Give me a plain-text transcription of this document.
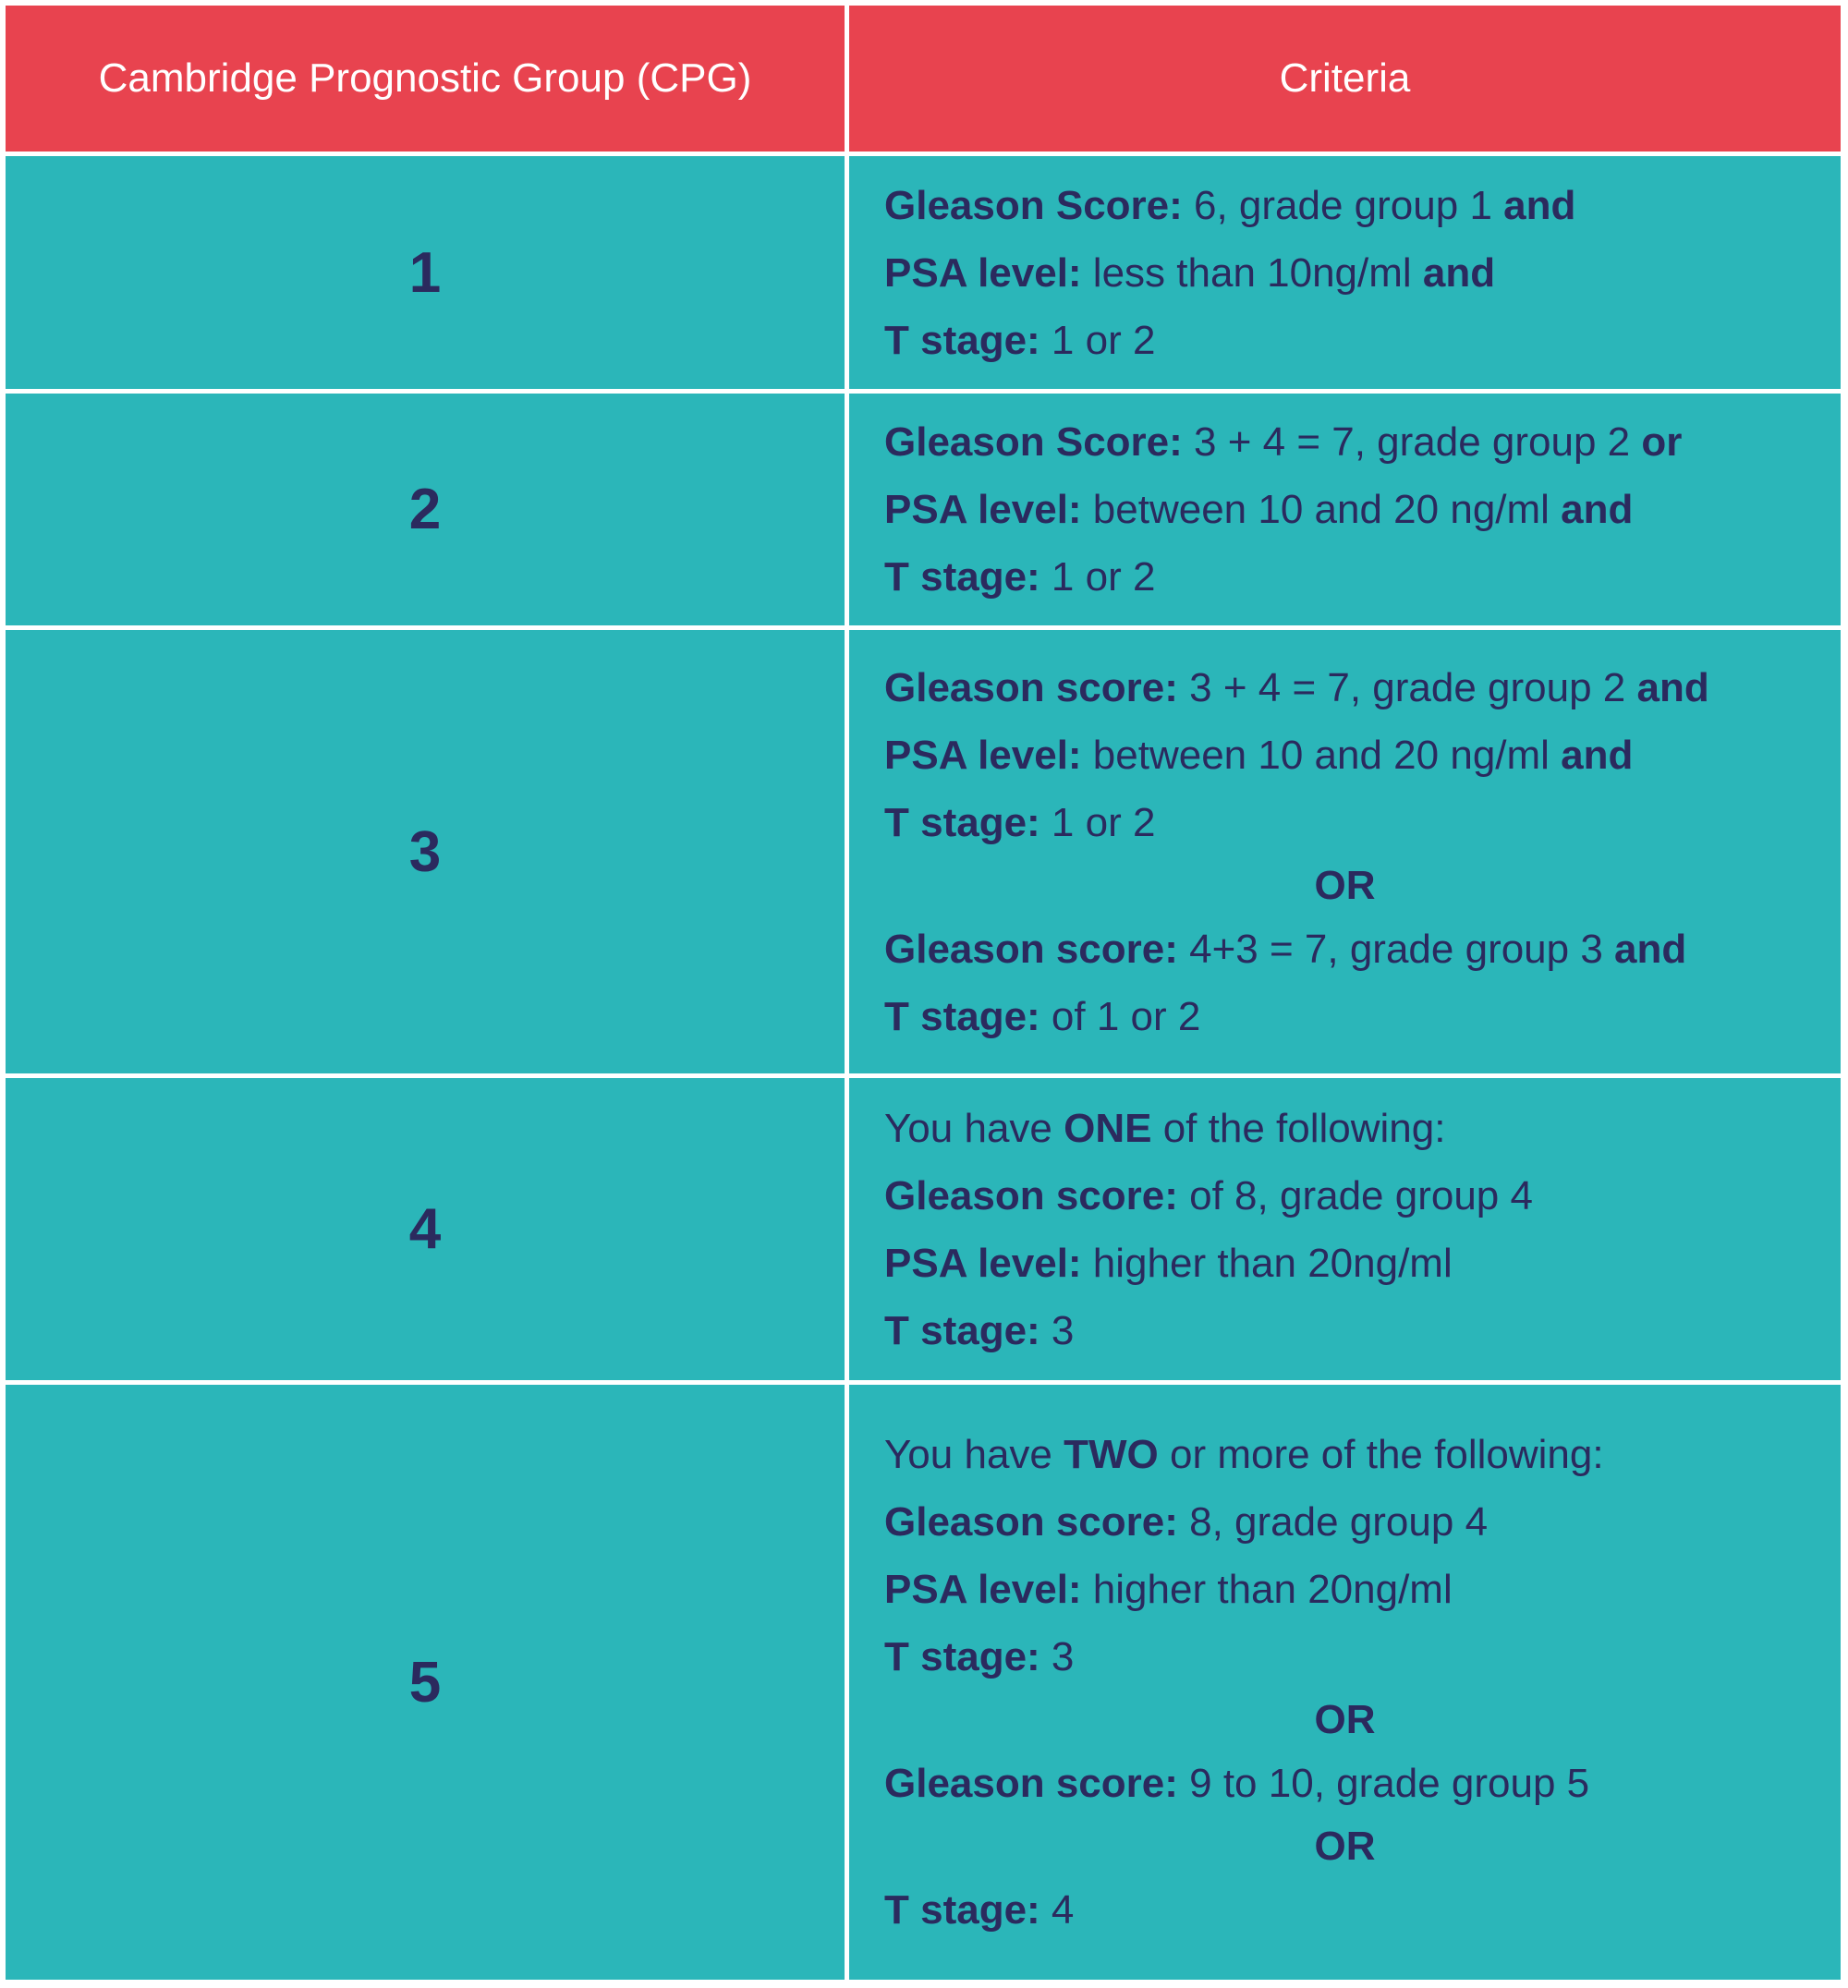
Cambridge Prognostic Group (CPG)	Criteria
1
Gleason Score: 6, grade group 1 and
PSA level: less than 10ng/ml and
T stage: 1 or 2
2
Gleason Score: 3 + 4 = 7, grade group 2 or
PSA level: between 10 and 20 ng/ml and
T stage: 1 or 2
3
Gleason score: 3 + 4 = 7, grade group 2 and
PSA level: between 10 and 20 ng/ml and
T stage: 1 or 2
OR
Gleason score: 4+3 = 7, grade group 3 and
T stage: of 1 or 2
4
You have ONE of the following:
Gleason score: of 8, grade group 4
PSA level: higher than 20ng/ml
T stage: 3
5
You have TWO or more of the following:
Gleason score: 8, grade group 4
PSA level: higher than 20ng/ml
T stage: 3
OR
Gleason score: 9 to 10, grade group 5
OR
T stage: 4
